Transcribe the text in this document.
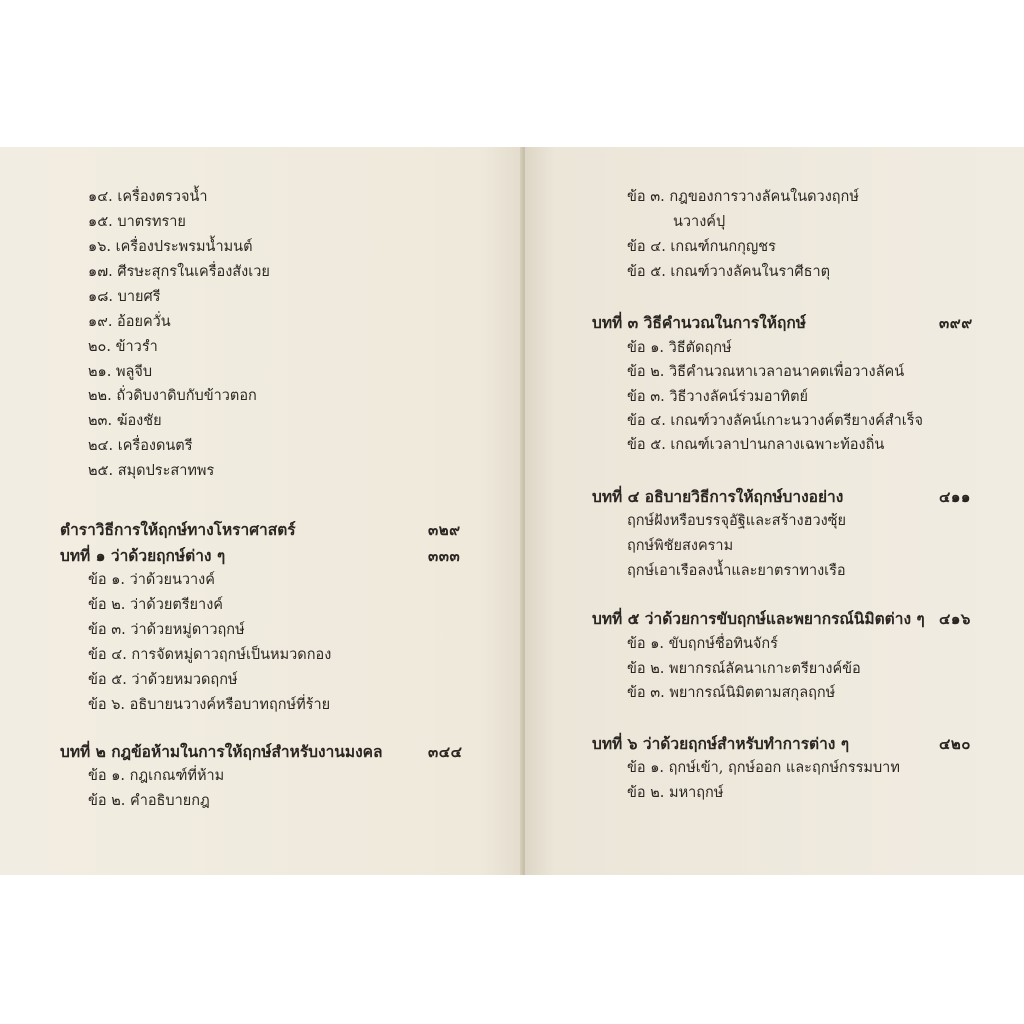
๑๔. เครื่องตรวจน้ำ
๑๕. บาตรทราย
๑๖. เครื่องประพรมน้ำมนต์
๑๗. ศีรษะสุกรในเครื่องสังเวย
๑๘. บายศรี
๑๙. อ้อยควั่น
๒๐. ข้าวรำ
๒๑. พลูจีบ
๒๒. ถั่วดิบงาดิบกับข้าวตอก
๒๓. ฆ้องชัย
๒๔. เครื่องดนตรี
๒๕. สมุดประสาทพร
ตำราวิธีการให้ฤกษ์ทางโหราศาสตร์	๓๒๙
บทที่ ๑ ว่าด้วยฤกษ์ต่าง ๆ	๓๓๓
ข้อ ๑. ว่าด้วยนวางค์
ข้อ ๒. ว่าด้วยตรียางค์
ข้อ ๓. ว่าด้วยหมู่ดาวฤกษ์
ข้อ ๔. การจัดหมู่ดาวฤกษ์เป็นหมวดกอง
ข้อ ๕. ว่าด้วยหมวดฤกษ์
ข้อ ๖. อธิบายนวางค์หรือบาทฤกษ์ที่ร้าย
บทที่ ๒ กฎข้อห้ามในการให้ฤกษ์สำหรับงานมงคล	๓๔๔
ข้อ ๑. กฎเกณฑ์ที่ห้าม
ข้อ ๒. คำอธิบายกฎ
ข้อ ๓. กฎของการวางลัคนในดวงฤกษ์
นวางค์ปุ
ข้อ ๔. เกณฑ์กนกกุญชร
ข้อ ๕. เกณฑ์วางลัคนในราศีธาตุ
บทที่ ๓ วิธีคำนวณในการให้ฤกษ์	๓๙๙
ข้อ ๑. วิธีตัดฤกษ์
ข้อ ๒. วิธีคำนวณหาเวลาอนาคตเพื่อวางลัคน์
ข้อ ๓. วิธีวางลัคน์ร่วมอาทิตย์
ข้อ ๔. เกณฑ์วางลัคน์เกาะนวางค์ตรียางค์สำเร็จ
ข้อ ๕. เกณฑ์เวลาปานกลางเฉพาะท้องถิ่น
บทที่ ๔ อธิบายวิธีการให้ฤกษ์บางอย่าง	๔๑๑
ฤกษ์ฝังหรือบรรจุอัฐิและสร้างฮวงซุ้ย
ฤกษ์พิชัยสงคราม
ฤกษ์เอาเรือลงน้ำและยาตราทางเรือ
บทที่ ๕ ว่าด้วยการขับฤกษ์และพยากรณ์นิมิตต่าง ๆ ๔๑๖
ข้อ ๑. ขับฤกษ์ชื่อทินจักร์
ข้อ ๒. พยากรณ์ลัคนาเกาะตรียางค์ข้อ
ข้อ ๓. พยากรณ์นิมิตตามสกุลฤกษ์
บทที่ ๖ ว่าด้วยฤกษ์สำหรับทำการต่าง ๆ	๔๒๐
ข้อ ๑. ฤกษ์เข้า, ฤกษ์ออก และฤกษ์กรรมบาท
ข้อ ๒. มหาฤกษ์
